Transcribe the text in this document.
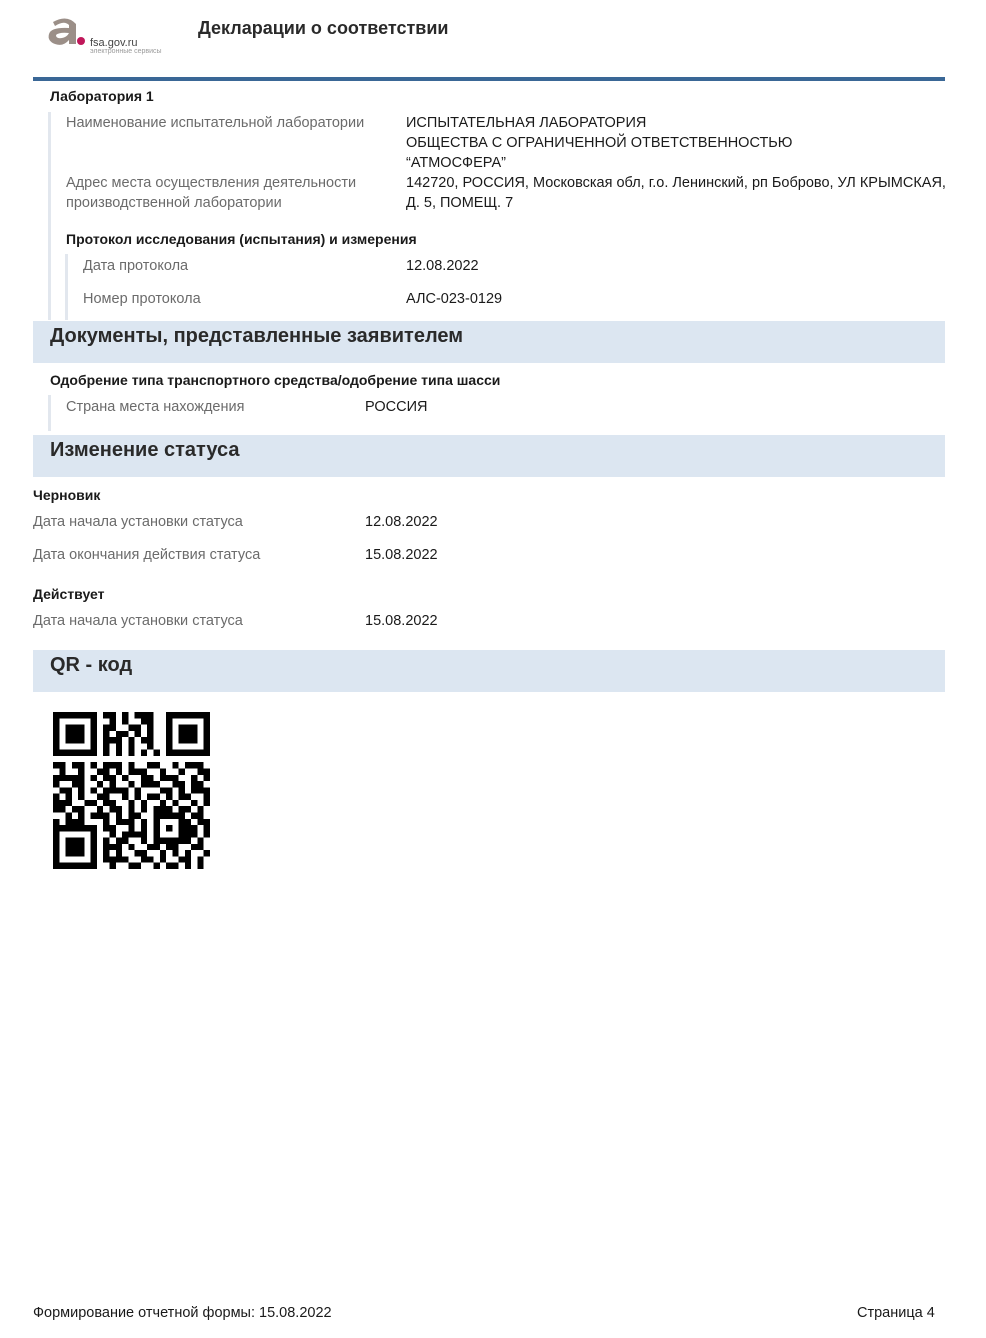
fsa.gov.ru
электронные сервисы
Декларации о соответствии
Лаборатория 1
Наименование испытательной лаборатории	ИСПЫТАТЕЛЬНАЯ ЛАБОРАТОРИЯ
ОБЩЕСТВА С ОГРАНИЧЕННОЙ ОТВЕТСТВЕННОСТЬЮ
“АТМОСФЕРА”
Адрес места осуществления деятельности
производственной лаборатории
142720, РОССИЯ, Московская обл, г.о. Ленинский, рп Боброво, УЛ КРЫМСКАЯ,
Д. 5, ПОМЕЩ. 7
Протокол исследования (испытания) и измерения
Дата протокола	12.08.2022
Номер протокола	АЛС-023-0129
Документы, представленные заявителем
Одобрение типа транспортного средства/одобрение типа шасси
Страна места нахождения	РОССИЯ
Изменение статуса
Черновик
Дата начала установки статуса	12.08.2022
Дата окончания действия статуса	15.08.2022
Действует
Дата начала установки статуса	15.08.2022
QR - код
Формирование отчетной формы: 15.08.2022	Страница 4
